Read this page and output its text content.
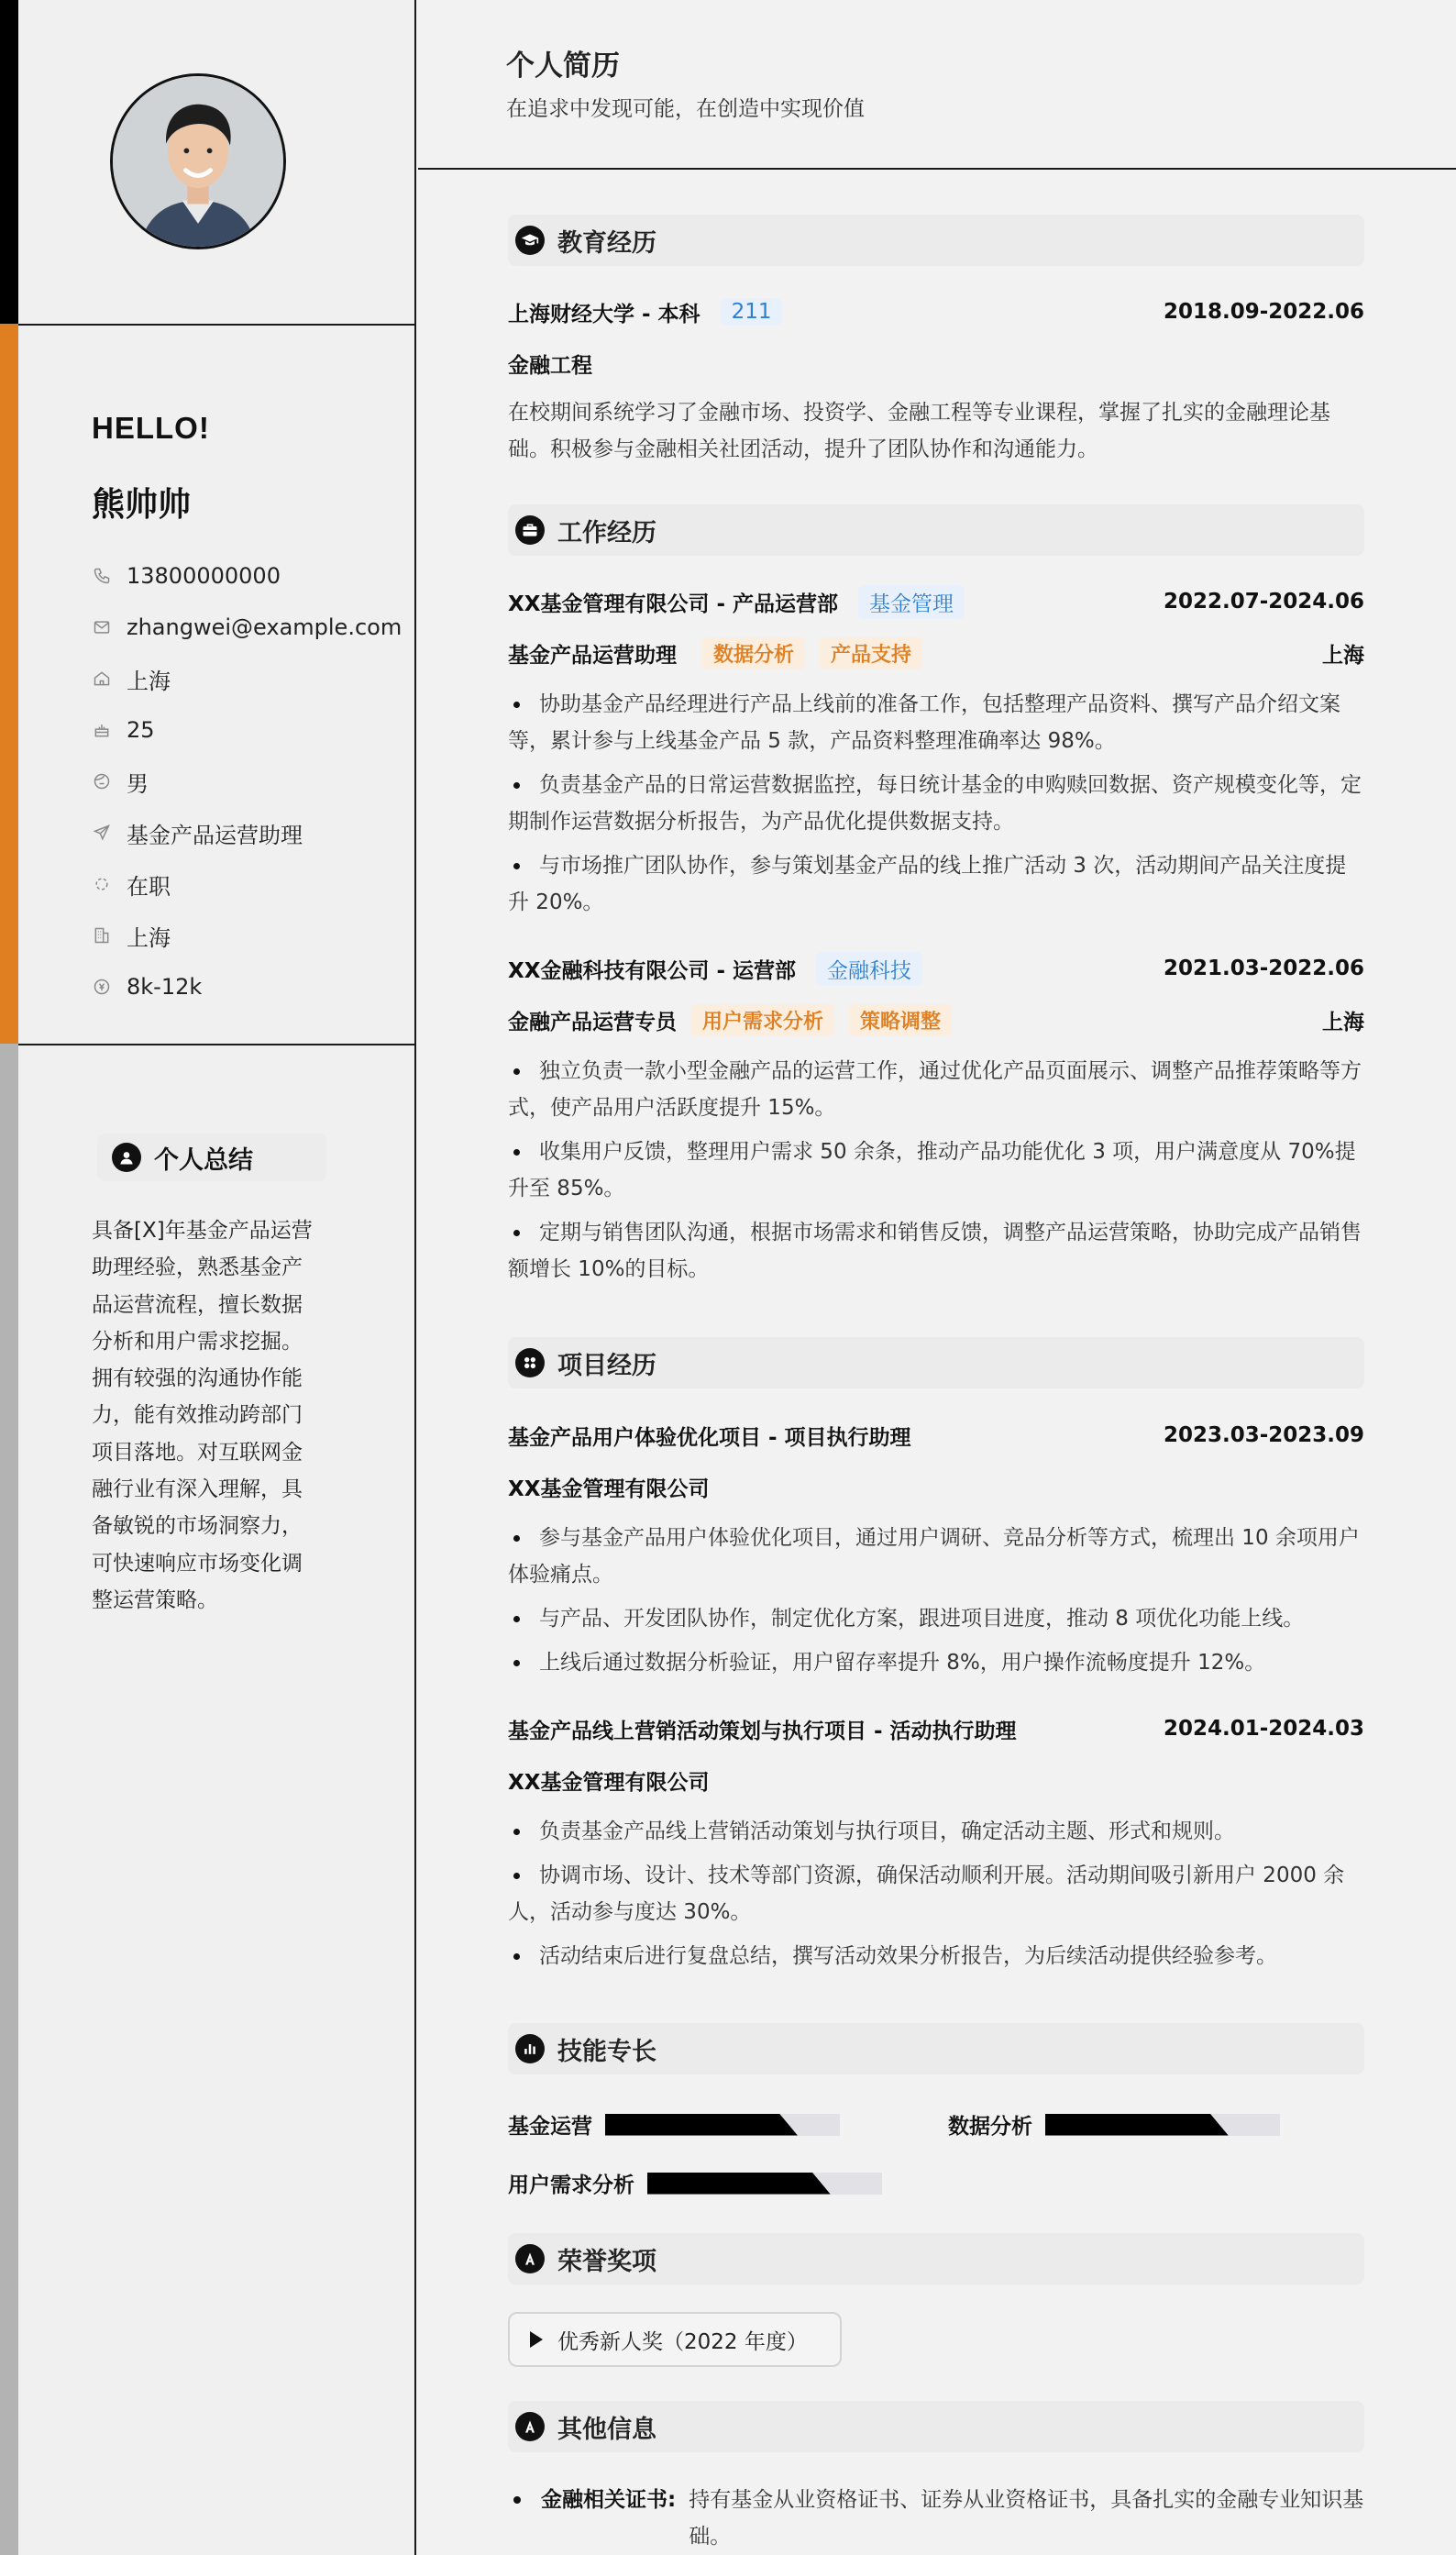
HELLO!
熊帅帅
13800000000
zhangwei@example.com
上海
25
男
基金产品运营助理
在职
上海
8k-12k
个人总结
具备[X]年基金产品运营助理经验，熟悉基金产品运营流程，擅长数据分析和用户需求挖掘。拥有较强的沟通协作能力，能有效推动跨部门项目落地。对互联网金融行业有深入理解，具备敏锐的市场洞察力，可快速响应市场变化调整运营策略。
个人简历
在追求中发现可能，在创造中实现价值
教育经历
上海财经大学 - 本科	211	2018.09-2022.06
金融工程
在校期间系统学习了金融市场、投资学、金融工程等专业课程，掌握了扎实的金融理论基础。积极参与金融相关社团活动，提升了团队协作和沟通能力。
工作经历
XX基金管理有限公司 - 产品运营部	基金管理	2022.07-2024.06
基金产品运营助理	数据分析	产品支持	上海
协助基金产品经理进行产品上线前的准备工作，包括整理产品资料、撰写产品介绍文案等，累计参与上线基金产品 5 款，产品资料整理准确率达 98%。
负责基金产品的日常运营数据监控，每日统计基金的申购赎回数据、资产规模变化等，定期制作运营数据分析报告，为产品优化提供数据支持。
与市场推广团队协作，参与策划基金产品的线上推广活动 3 次，活动期间产品关注度提升 20%。
XX金融科技有限公司 - 运营部	金融科技	2021.03-2022.06
金融产品运营专员	用户需求分析	策略调整	上海
独立负责一款小型金融产品的运营工作，通过优化产品页面展示、调整产品推荐策略等方式，使产品用户活跃度提升 15%。
收集用户反馈，整理用户需求 50 余条，推动产品功能优化 3 项，用户满意度从 70%提升至 85%。
定期与销售团队沟通，根据市场需求和销售反馈，调整产品运营策略，协助完成产品销售额增长 10%的目标。
项目经历
基金产品用户体验优化项目 - 项目执行助理	2023.03-2023.09
XX基金管理有限公司
参与基金产品用户体验优化项目，通过用户调研、竞品分析等方式，梳理出 10 余项用户体验痛点。
与产品、开发团队协作，制定优化方案，跟进项目进度，推动 8 项优化功能上线。
上线后通过数据分析验证，用户留存率提升 8%，用户操作流畅度提升 12%。
基金产品线上营销活动策划与执行项目 - 活动执行助理	2024.01-2024.03
XX基金管理有限公司
负责基金产品线上营销活动策划与执行项目，确定活动主题、形式和规则。
协调市场、设计、技术等部门资源，确保活动顺利开展。活动期间吸引新用户 2000 余人，活动参与度达 30%。
活动结束后进行复盘总结，撰写活动效果分析报告，为后续活动提供经验参考。
技能专长
基金运营	数据分析
用户需求分析
荣誉奖项
优秀新人奖（2022 年度）
其他信息
金融相关证书: 持有基金从业资格证书、证券从业资格证书，具备扎实的金融专业知识基础。
